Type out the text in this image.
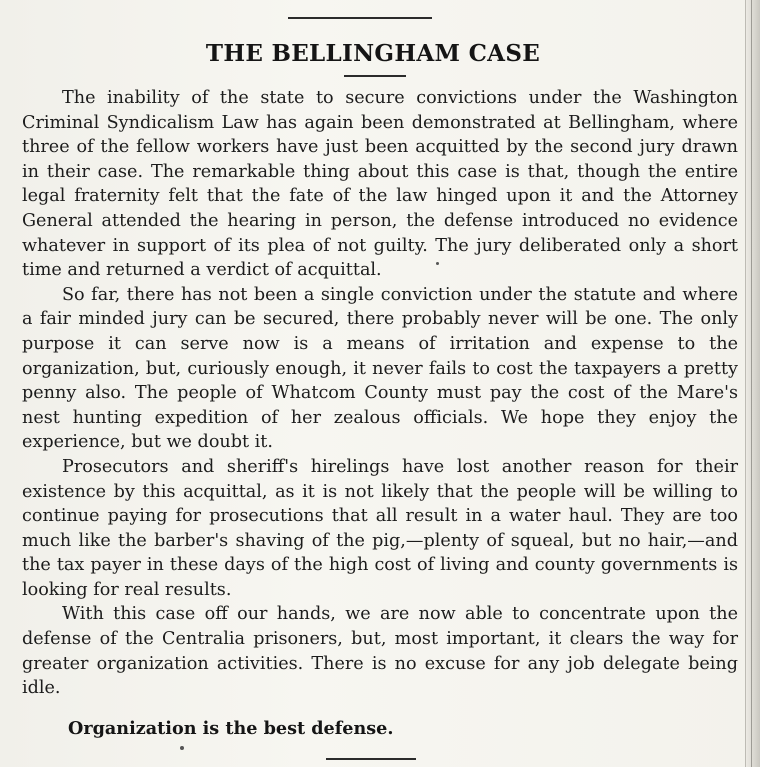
THE BELLINGHAM CASE

The inability of the state to secure convictions under the Washington Criminal Syndicalism Law has again been demonstrated at Bellingham, where three of the fellow workers have just been acquitted by the second jury drawn in their case. The remarkable thing about this case is that, though the entire legal fraternity felt that the fate of the law hinged upon it and the Attorney General attended the hearing in person, the defense introduced no evidence whatever in support of its plea of not guilty. The jury deliberated only a short time and returned a verdict of acquittal.

So far, there has not been a single conviction under the statute and where a fair minded jury can be secured, there probably never will be one. The only purpose it can serve now is a means of irritation and expense to the organization, but, curiously enough, it never fails to cost the taxpayers a pretty penny also. The people of Whatcom County must pay the cost of the Mare's nest hunting expedition of her zealous officials. We hope they enjoy the experience, but we doubt it.

Prosecutors and sheriff's hirelings have lost another reason for their existence by this acquittal, as it is not likely that the people will be willing to continue paying for prosecutions that all result in a water haul. They are too much like the barber's shaving of the pig,—plenty of squeal, but no hair,—and the tax payer in these days of the high cost of living and county governments is looking for real results.

With this case off our hands, we are now able to concentrate upon the defense of the Centralia prisoners, but, most important, it clears the way for greater organization activities. There is no excuse for any job delegate being idle.

Organization is the best defense.
